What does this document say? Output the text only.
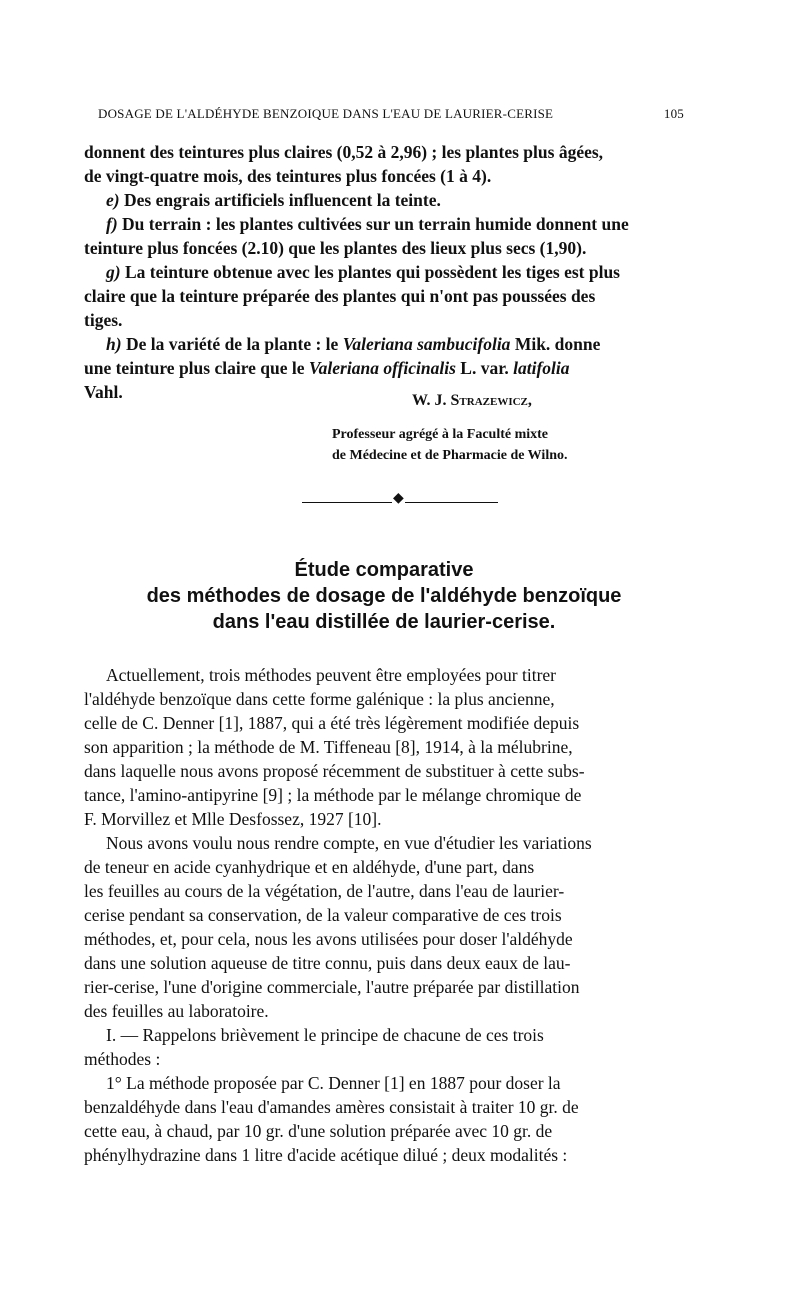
DOSAGE DE L'ALDÉHYDE BENZOIQUE DANS L'EAU DE LAURIER-CERISE	105

donnent des teintures plus claires (0,52 à 2,96) ; les plantes plus âgées,
de vingt-quatre mois, des teintures plus foncées (1 à 4).
e) Des engrais artificiels influencent la teinte.
f) Du terrain : les plantes cultivées sur un terrain humide donnent une
teinture plus foncées (2.10) que les plantes des lieux plus secs (1,90).
g) La teinture obtenue avec les plantes qui possèdent les tiges est plus
claire que la teinture préparée des plantes qui n'ont pas poussées des
tiges.
h) De la variété de la plante : le Valeriana sambucifolia Mik. donne
une teinture plus claire que le Valeriana officinalis L. var. latifolia
Vahl.	W. J. Strazewicz,
Professeur agrégé à la Faculté mixte
de Médecine et de Pharmacie de Wilno.
◆
Étude comparative
des méthodes de dosage de l'aldéhyde benzoïque
dans l'eau distillée de laurier-cerise.

Actuellement, trois méthodes peuvent être employées pour titrer
l'aldéhyde benzoïque dans cette forme galénique : la plus ancienne,
celle de C. Denner [1], 1887, qui a été très légèrement modifiée depuis
son apparition ; la méthode de M. Tiffeneau [8], 1914, à la mélubrine,
dans laquelle nous avons proposé récemment de substituer à cette subs-
tance, l'amino-antipyrine [9] ; la méthode par le mélange chromique de
F. Morvillez et Mlle Desfossez, 1927 [10].

Nous avons voulu nous rendre compte, en vue d'étudier les variations
de teneur en acide cyanhydrique et en aldéhyde, d'une part, dans
les feuilles au cours de la végétation, de l'autre, dans l'eau de laurier-
cerise pendant sa conservation, de la valeur comparative de ces trois
méthodes, et, pour cela, nous les avons utilisées pour doser l'aldéhyde
dans une solution aqueuse de titre connu, puis dans deux eaux de lau-
rier-cerise, l'une d'origine commerciale, l'autre préparée par distillation
des feuilles au laboratoire.

I. — Rappelons brièvement le principe de chacune de ces trois
méthodes :

1° La méthode proposée par C. Denner [1] en 1887 pour doser la
benzaldéhyde dans l'eau d'amandes amères consistait à traiter 10 gr. de
cette eau, à chaud, par 10 gr. d'une solution préparée avec 10 gr. de
phénylhydrazine dans 1 litre d'acide acétique dilué ; deux modalités :
